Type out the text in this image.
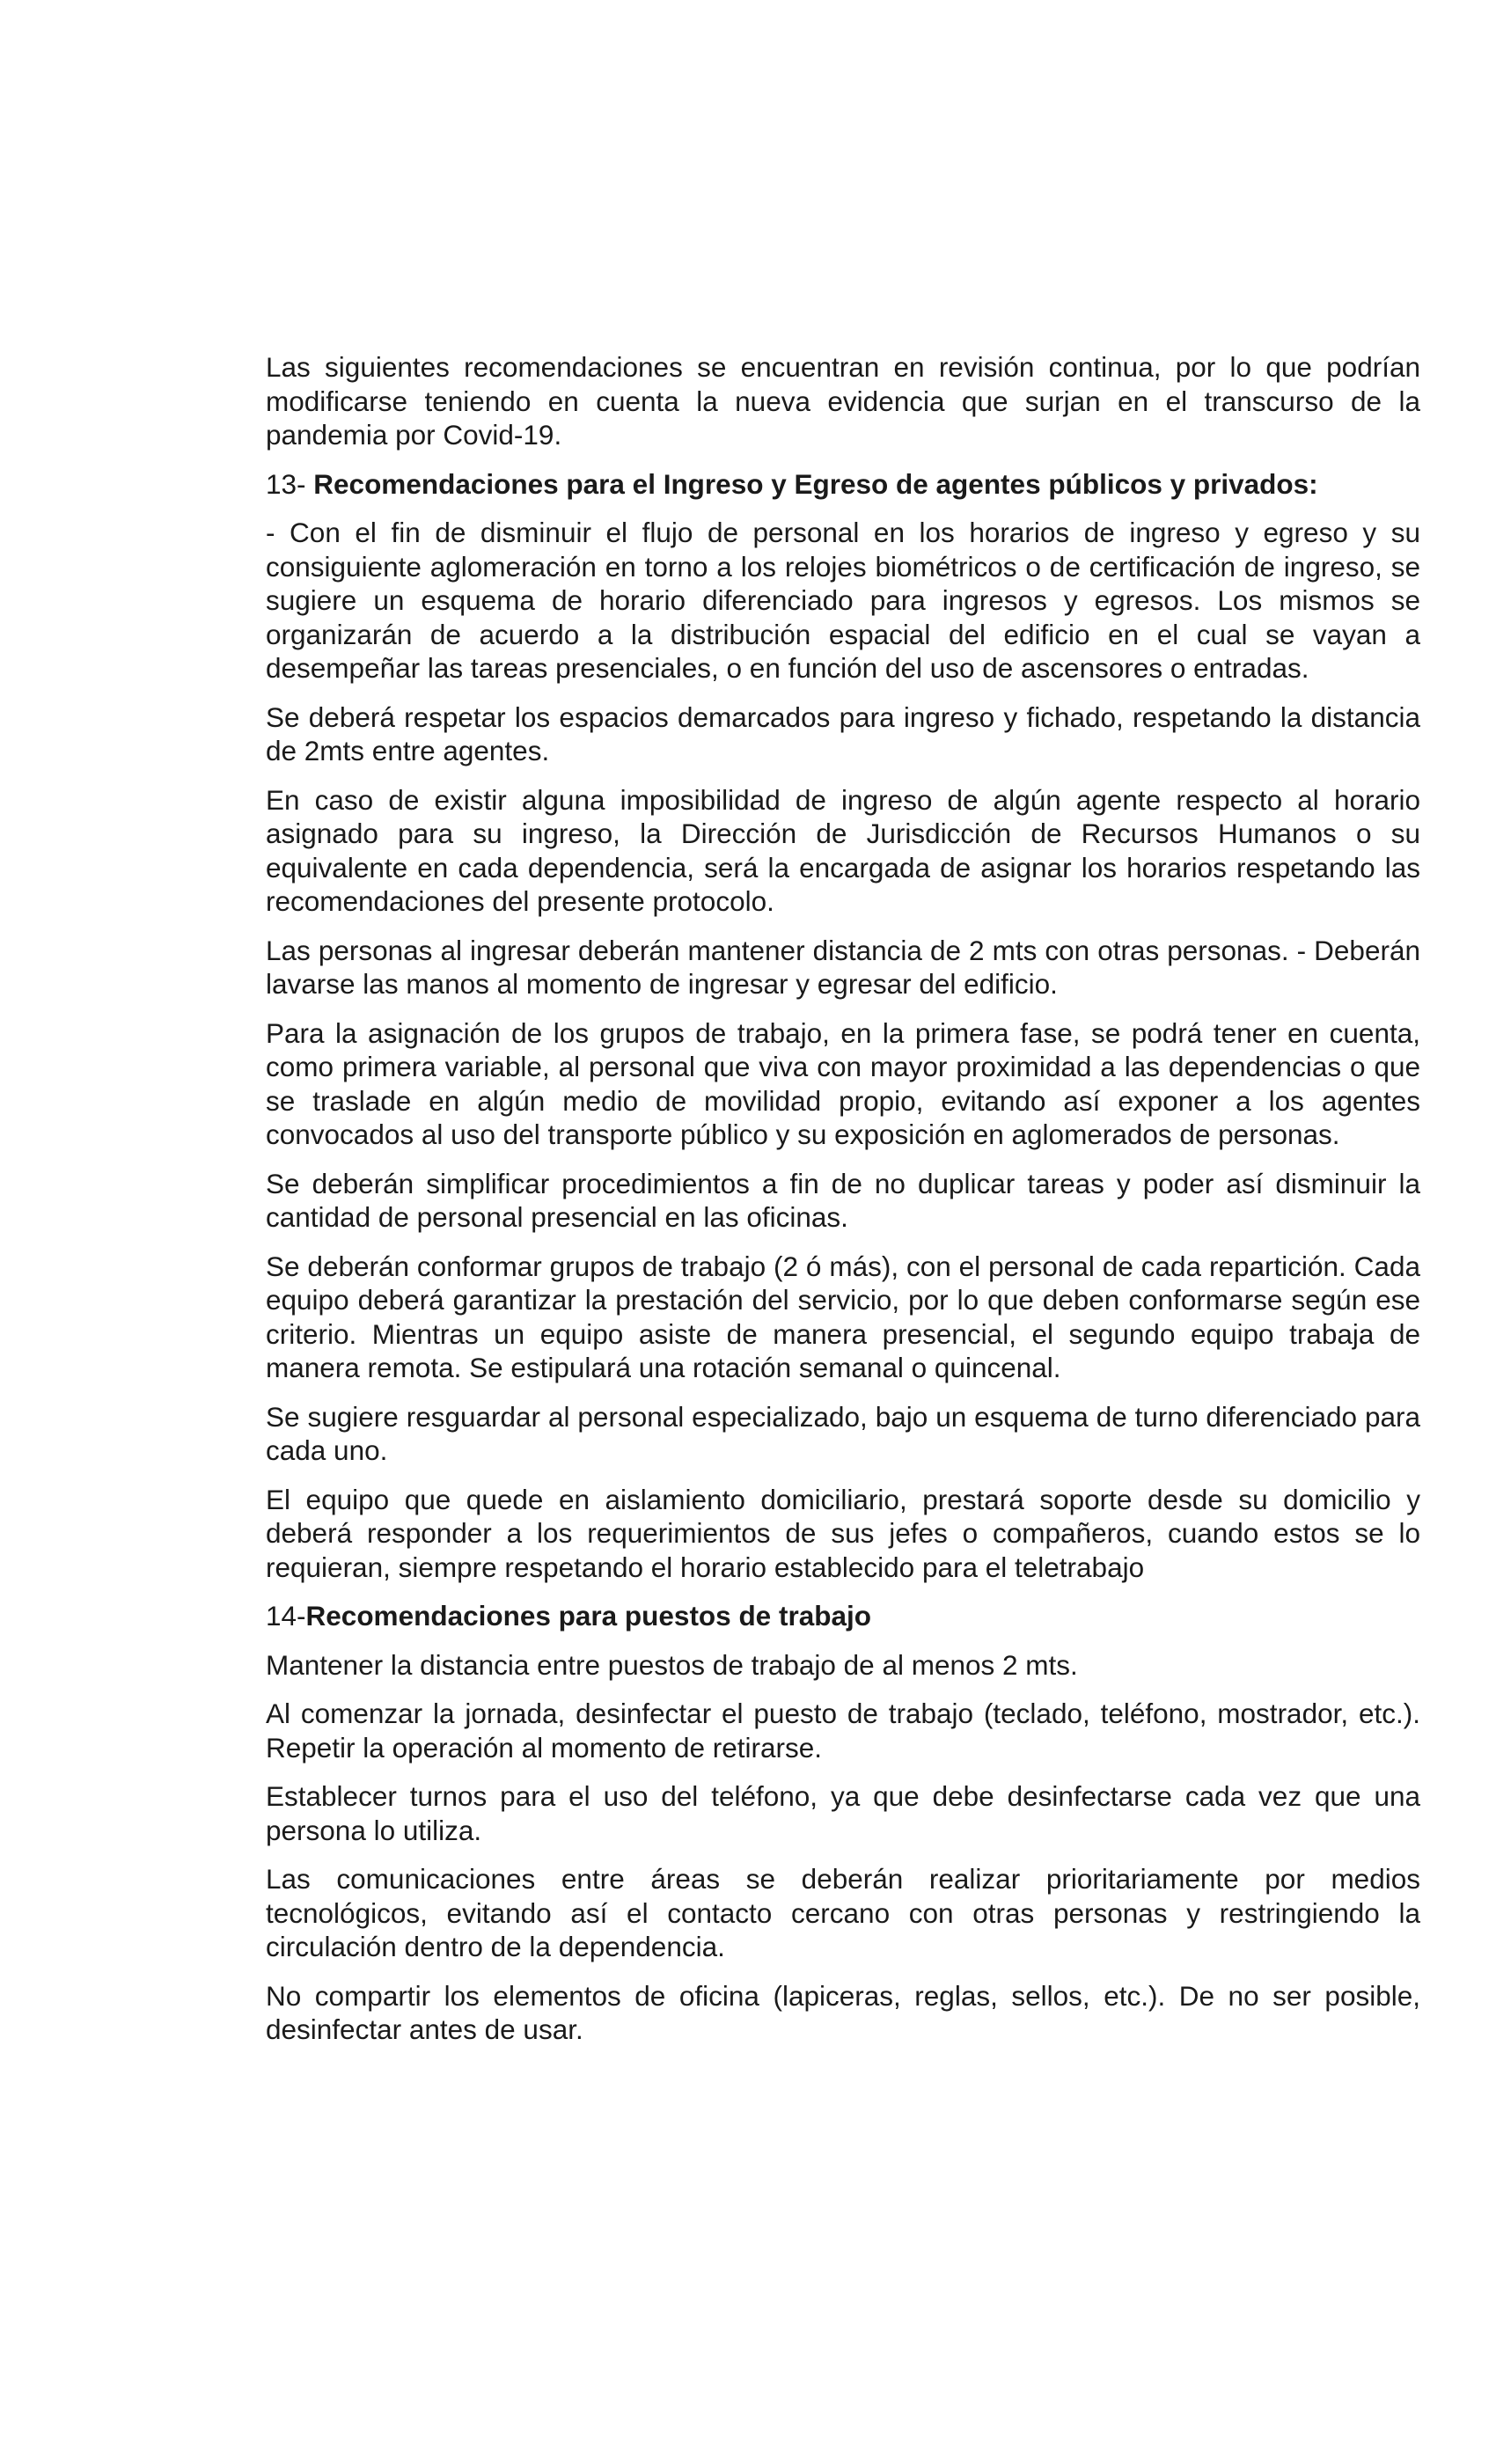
Las siguientes recomendaciones se encuentran en revisión continua, por lo que podrían modificarse teniendo en cuenta la nueva evidencia que surjan en el transcurso de la pandemia por Covid-19.

13- Recomendaciones para el Ingreso y Egreso de agentes públicos y privados:

- Con el fin de disminuir el flujo de personal en los horarios de ingreso y egreso y su consiguiente aglomeración en torno a los relojes biométricos o de certificación de ingreso, se sugiere un esquema de horario diferenciado para ingresos y egresos. Los mismos se organizarán de acuerdo a la distribución espacial del edificio en el cual se vayan a desempeñar las tareas presenciales, o en función del uso de ascensores o entradas.

Se deberá respetar los espacios demarcados para ingreso y fichado, respetando la distancia de 2mts entre agentes.

En caso de existir alguna imposibilidad de ingreso de algún agente respecto al horario asignado para su ingreso, la Dirección de Jurisdicción de Recursos Humanos o su equivalente en cada dependencia, será la encargada de asignar los horarios respetando las recomendaciones del presente protocolo.

Las personas al ingresar deberán mantener distancia de 2 mts con otras personas. - Deberán lavarse las manos al momento de ingresar y egresar del edificio.

Para la asignación de los grupos de trabajo, en la primera fase, se podrá tener en cuenta, como primera variable, al personal que viva con mayor proximidad a las dependencias o que se traslade en algún medio de movilidad propio, evitando así exponer a los agentes convocados al uso del transporte público y su exposición en aglomerados de personas.

Se deberán simplificar procedimientos a fin de no duplicar tareas y poder así disminuir la cantidad de personal presencial en las oficinas.

Se deberán conformar grupos de trabajo (2 ó más), con el personal de cada repartición. Cada equipo deberá garantizar la prestación del servicio, por lo que deben conformarse según ese criterio. Mientras un equipo asiste de manera presencial, el segundo equipo trabaja de manera remota. Se estipulará una rotación semanal o quincenal.

Se sugiere resguardar al personal especializado, bajo un esquema de turno diferenciado para cada uno.

El equipo que quede en aislamiento domiciliario, prestará soporte desde su domicilio y deberá responder a los requerimientos de sus jefes o compañeros, cuando estos se lo requieran, siempre respetando el horario establecido para el teletrabajo

14-Recomendaciones para puestos de trabajo

Mantener la distancia entre puestos de trabajo de al menos 2 mts.

Al comenzar la jornada, desinfectar el puesto de trabajo (teclado, teléfono, mostrador, etc.). Repetir la operación al momento de retirarse.

Establecer turnos para el uso del teléfono, ya que debe desinfectarse cada vez que una persona lo utiliza.

Las comunicaciones entre áreas se deberán realizar prioritariamente por medios tecnológicos, evitando así el contacto cercano con otras personas y restringiendo la circulación dentro de la dependencia.

No compartir los elementos de oficina (lapiceras, reglas, sellos, etc.). De no ser posible, desinfectar antes de usar.
